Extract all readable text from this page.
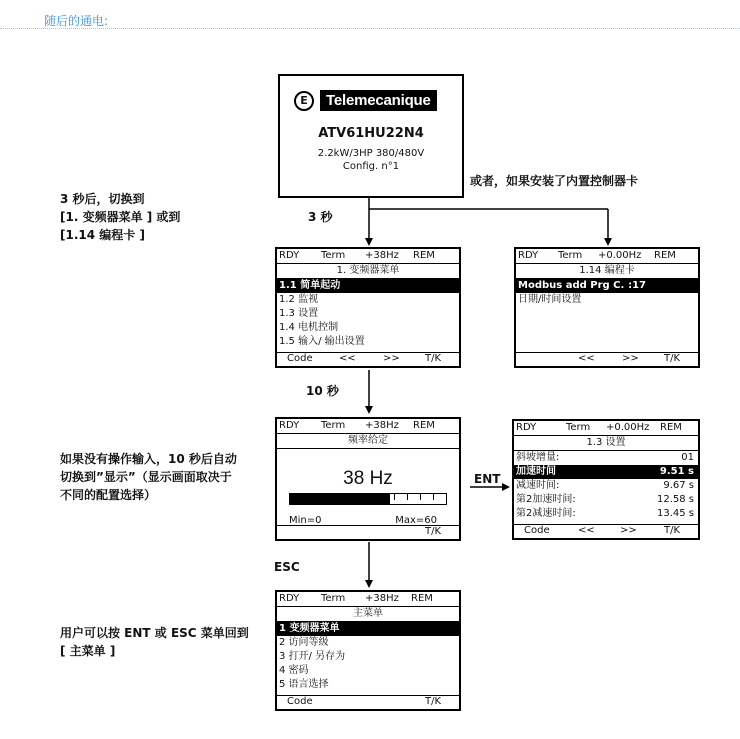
随后的通电:
3 秒后，切换到
[1. 变频器菜单 ] 或到
[1.14 编程卡 ]
如果没有操作输入，10 秒后自动
切换到”显示”（显示画面取决于
不同的配置选择）
用户可以按 ENT 或 ESC 菜单回到
[ 主菜单 ]
或者，如果安装了内置控制器卡
3 秒
10 秒
ENT
ESC
E	Telemecanique
ATV61HU22N4
2.2kW/3HP 380/480V
Config. n°1
RDY Term +38Hz REM
1. 变频器菜单
1.1 简单起动
1.2 监视
1.3 设置
1.4 电机控制
1.5 输入/ 输出设置
Code	<<	>>	T/K
RDY Term +0.00Hz REM
1.14 编程卡
Modbus add Prg C. :17
日期/时间设置
<<	>>	T/K
RDY Term +38Hz REM
频率给定
38 Hz
Min=0	Max=60
T/K
RDY	Term +0.00Hz REM
1.3 设置
斜坡增量:	01
加速时间	9.51 s
减速时间:	9.67 s
第2加速时间:	12.58 s
第2减速时间:	13.45 s
Code	<<	>>	T/K
RDY Term +38Hz REM
主菜单
1 变频器菜单
2 访问等级
3 打开/ 另存为
4 密码
5 语言选择
Code	T/K
